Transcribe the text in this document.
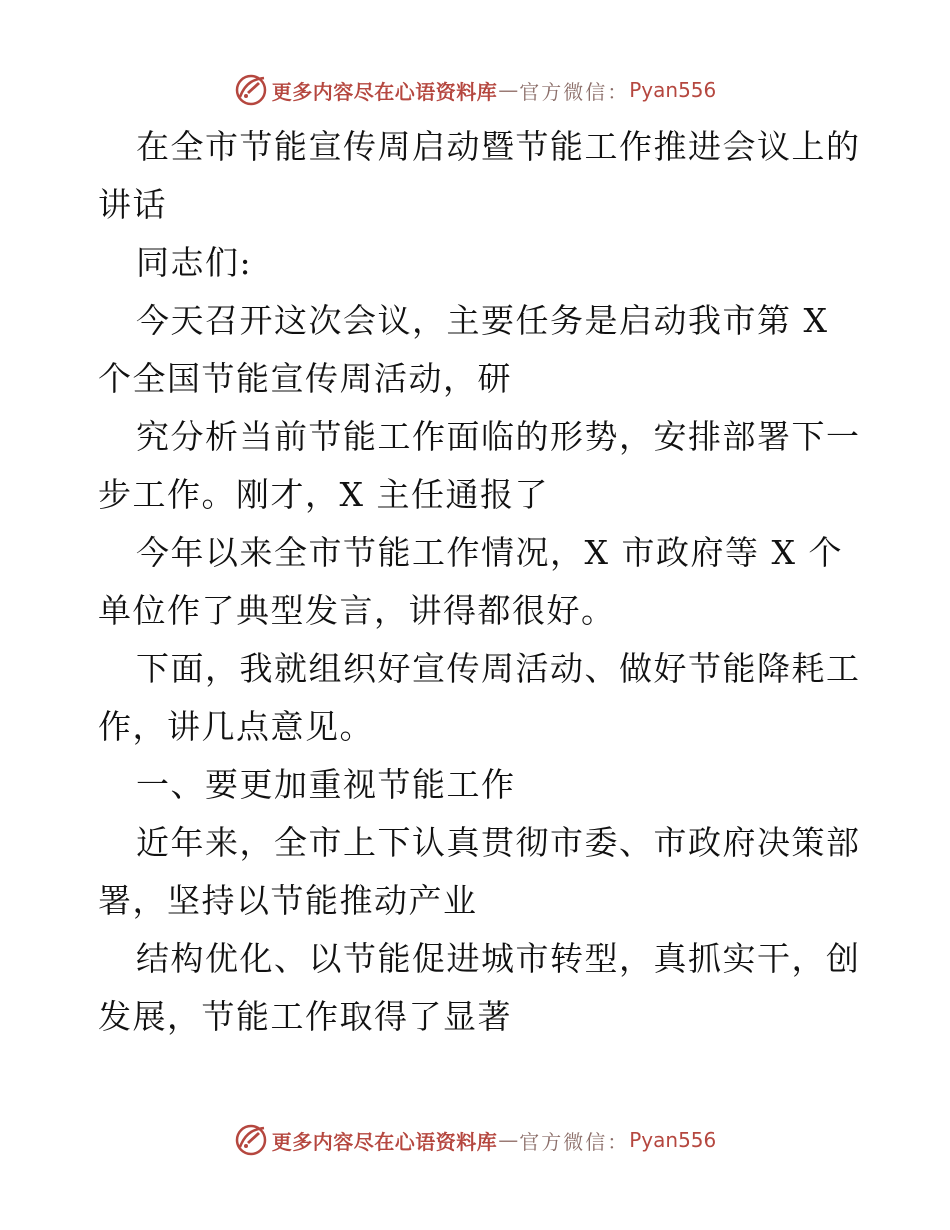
更多内容尽在心语资料库 — 官方微信： Pyan556
在全市节能宣传周启动暨节能工作推进会议上的
讲话
同志们:
今天召开这次会议，主要任务是启动我市第 X
个全国节能宣传周活动，研
究分析当前节能工作面临的形势，安排部署下一
步工作。刚才，X 主任通报了
今年以来全市节能工作情况，X 市政府等 X 个
单位作了典型发言，讲得都很好。
下面，我就组织好宣传周活动、做好节能降耗工
作，讲几点意见。
一、要更加重视节能工作
近年来，全市上下认真贯彻市委、市政府决策部
署，坚持以节能推动产业
结构优化、以节能促进城市转型，真抓实干，创
发展，节能工作取得了显著
更多内容尽在心语资料库 — 官方微信： Pyan556
